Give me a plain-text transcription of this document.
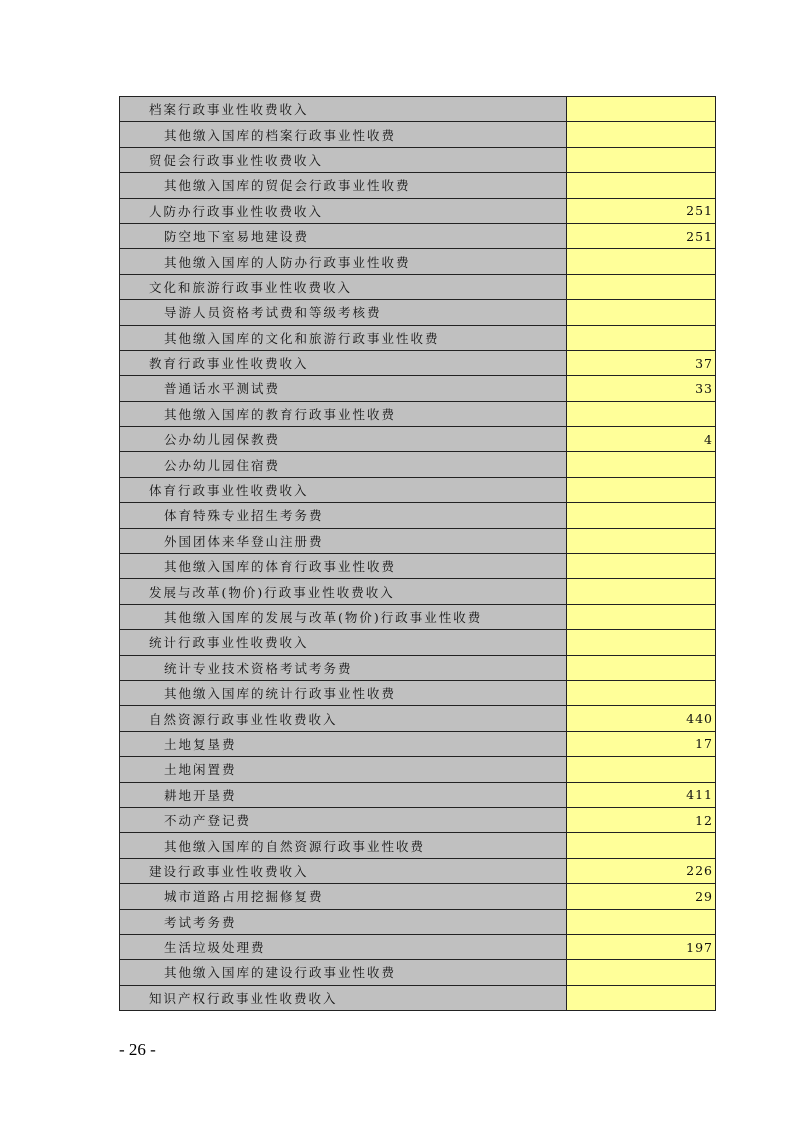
档案行政事业性收费收入	
其他缴入国库的档案行政事业性收费	
贸促会行政事业性收费收入	
其他缴入国库的贸促会行政事业性收费	
人防办行政事业性收费收入	251
防空地下室易地建设费	251
其他缴入国库的人防办行政事业性收费	
文化和旅游行政事业性收费收入	
导游人员资格考试费和等级考核费	
其他缴入国库的文化和旅游行政事业性收费	
教育行政事业性收费收入	37
普通话水平测试费	33
其他缴入国库的教育行政事业性收费	
公办幼儿园保教费	4
公办幼儿园住宿费	
体育行政事业性收费收入	
体育特殊专业招生考务费	
外国团体来华登山注册费	
其他缴入国库的体育行政事业性收费	
发展与改革(物价)行政事业性收费收入	
其他缴入国库的发展与改革(物价)行政事业性收费	
统计行政事业性收费收入	
统计专业技术资格考试考务费	
其他缴入国库的统计行政事业性收费	
自然资源行政事业性收费收入	440
土地复垦费	17
土地闲置费	
耕地开垦费	411
不动产登记费	12
其他缴入国库的自然资源行政事业性收费	
建设行政事业性收费收入	226
城市道路占用挖掘修复费	29
考试考务费	
生活垃圾处理费	197
其他缴入国库的建设行政事业性收费	
知识产权行政事业性收费收入	
- 26 -
